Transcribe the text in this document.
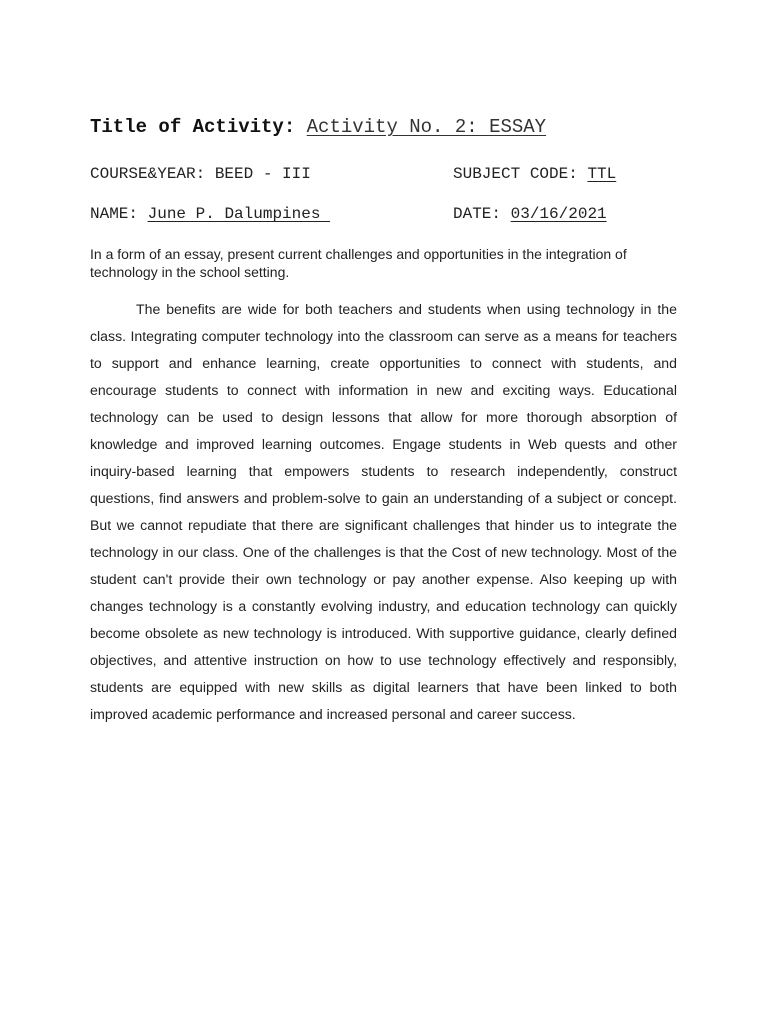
Title of Activity: Activity No. 2: ESSAY
COURSE&YEAR: BEED - III	SUBJECT CODE: TTL
NAME: June P. Dalumpines	DATE: 03/16/2021

In a form of an essay, present current challenges and opportunities in the integration of technology in the school setting.

The benefits are wide for both teachers and students when using technology in the class. Integrating computer technology into the classroom can serve as a means for teachers to support and enhance learning, create opportunities to connect with students, and encourage students to connect with information in new and exciting ways. Educational technology can be used to design lessons that allow for more thorough absorption of knowledge and improved learning outcomes. Engage students in Web quests and other inquiry-based learning that empowers students to research independently, construct questions, find answers and problem-solve to gain an understanding of a subject or concept. But we cannot repudiate that there are significant challenges that hinder us to integrate the technology in our class. One of the challenges is that the Cost of new technology. Most of the student can't provide their own technology or pay another expense. Also keeping up with changes technology is a constantly evolving industry, and education technology can quickly become obsolete as new technology is introduced. With supportive guidance, clearly defined objectives, and attentive instruction on how to use technology effectively and responsibly, students are equipped with new skills as digital learners that have been linked to both improved academic performance and increased personal and career success.
